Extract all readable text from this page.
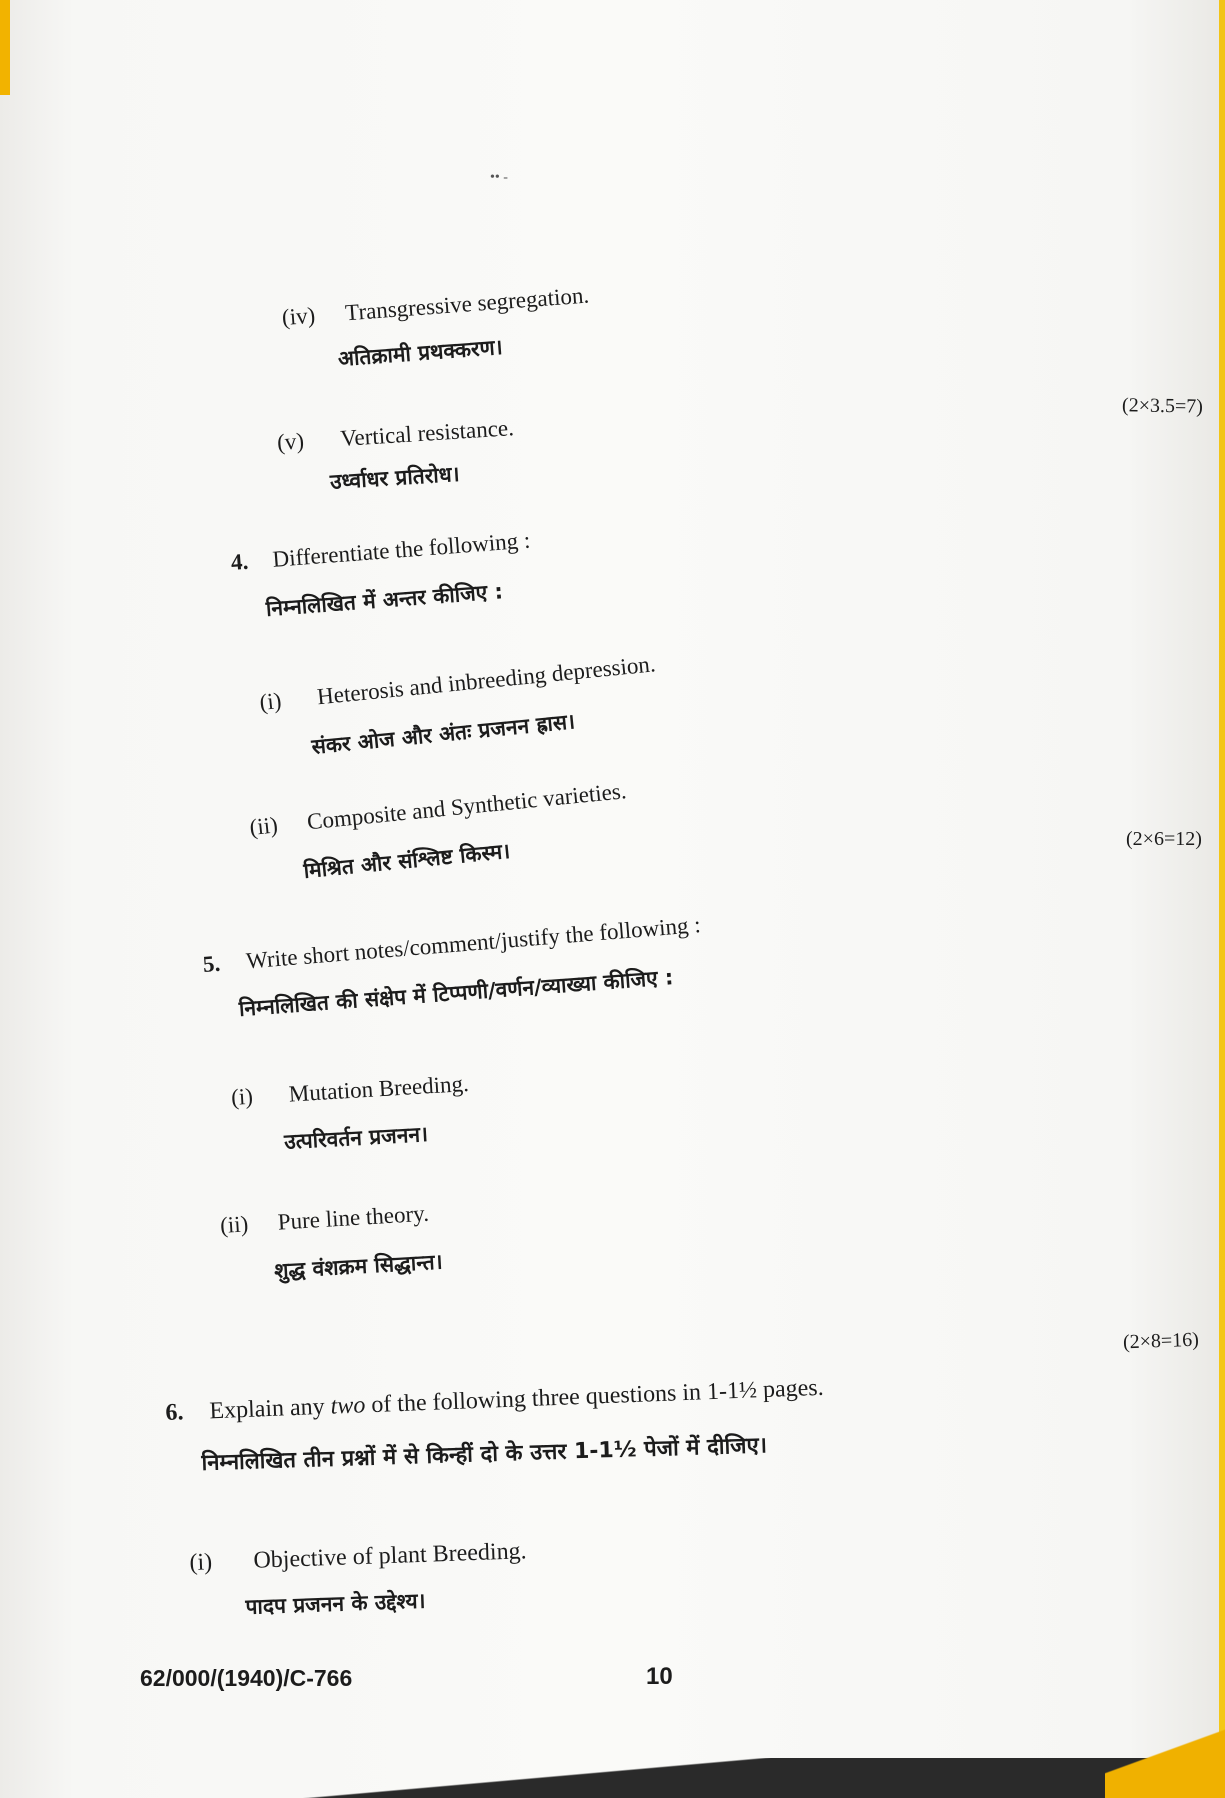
•• ‑
(iv) Transgressive segregation.
अतिक्रामी प्रथक्करण।
(v) Vertical resistance.
उर्ध्वाधर प्रतिरोध।
(2×3.5=7)
4. Differentiate the following :
निम्नलिखित में अन्तर कीजिए :
(i) Heterosis and inbreeding depression.
संकर ओज और अंतः प्रजनन ह्रास।
(ii) Composite and Synthetic varieties.
मिश्रित और संश्लिष्ट किस्म।	(2×6=12)
5. Write short notes/comment/justify the following :
निम्नलिखित की संक्षेप में टिप्पणी/वर्णन/व्याख्या कीजिए :
(i) Mutation Breeding.
उत्परिवर्तन प्रजनन।
(ii) Pure line theory.
शुद्ध वंशक्रम सिद्धान्त।
(2×8=16)
6. Explain any two of the following three questions in 1-1½ pages.
निम्नलिखित तीन प्रश्नों में से किन्हीं दो के उत्तर 1-1½ पेजों में दीजिए।
(i) Objective of plant Breeding.
पादप प्रजनन के उद्देश्य।
62/000/(1940)/C-766	10
